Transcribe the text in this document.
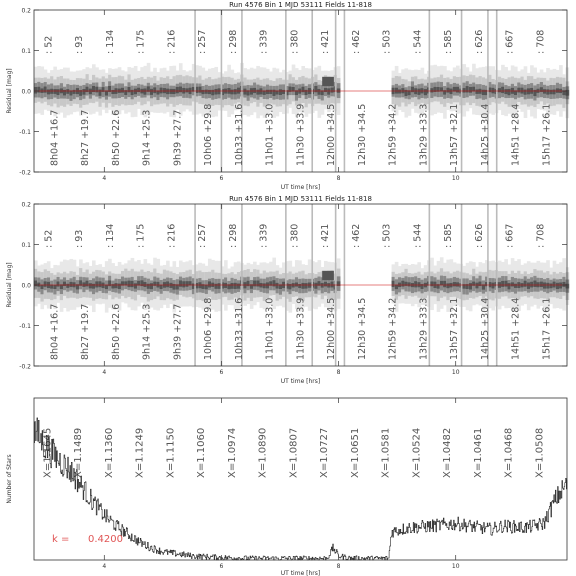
Run 4576 Bin 1 MJD 53111 Fields 11-818
: 52 : 93 : 134 : 175 : 216 : 257 : 298 : 339 : 380 : 421 : 462 : 503 : 544 : 585 : 626 : 667 : 708
8h04 +16.7 8h27 +19.7 8h50 +22.6 9h14 +25.3 9h39 +27.7 10h06 +29.8 10h33 +31.6 11h01 +33.0 11h30 +33.9 12h00 +34.5 12h30 +34.5 12h59 +34.2 13h29 +33.3 13h57 +32.1 14h25 +30.4 14h51 +28.4 15h17 +26.1
-0.2
-0.1
0.0
0.1
0.2
4	6	8	10
UT time [hrs]
Residual [mag]
Run 4576 Bin 1 MJD 53111 Fields 11-818
: 52 : 93 : 134 : 175 : 216 : 257 : 298 : 339 : 380 : 421 : 462 : 503 : 544 : 585 : 626 : 667 : 708
8h04 +16.7 8h27 +19.7 8h50 +22.6 9h14 +25.3 9h39 +27.7 10h06 +29.8 10h33 +31.6 11h01 +33.0 11h30 +33.9 12h00 +34.5 12h30 +34.5 12h59 +34.2 13h29 +33.3 13h57 +32.1 14h25 +30.4 14h51 +28.4 15h17 +26.1
-0.2
-0.1
0.0
0.1
0.2
4	6	8	10
UT time [hrs]
Residual [mag]
X=1.1645 X=1.1489 X=1.1360 X=1.1249 X=1.1150 X=1.1060 X=1.0974 X=1.0890 X=1.0807 X=1.0727 X=1.0651 X=1.0581 X=1.0524 X=1.0482 X=1.0461 X=1.0468 X=1.0508
k = 0.4200
4	6	8	10
UT time [hrs]
Number of Stars
